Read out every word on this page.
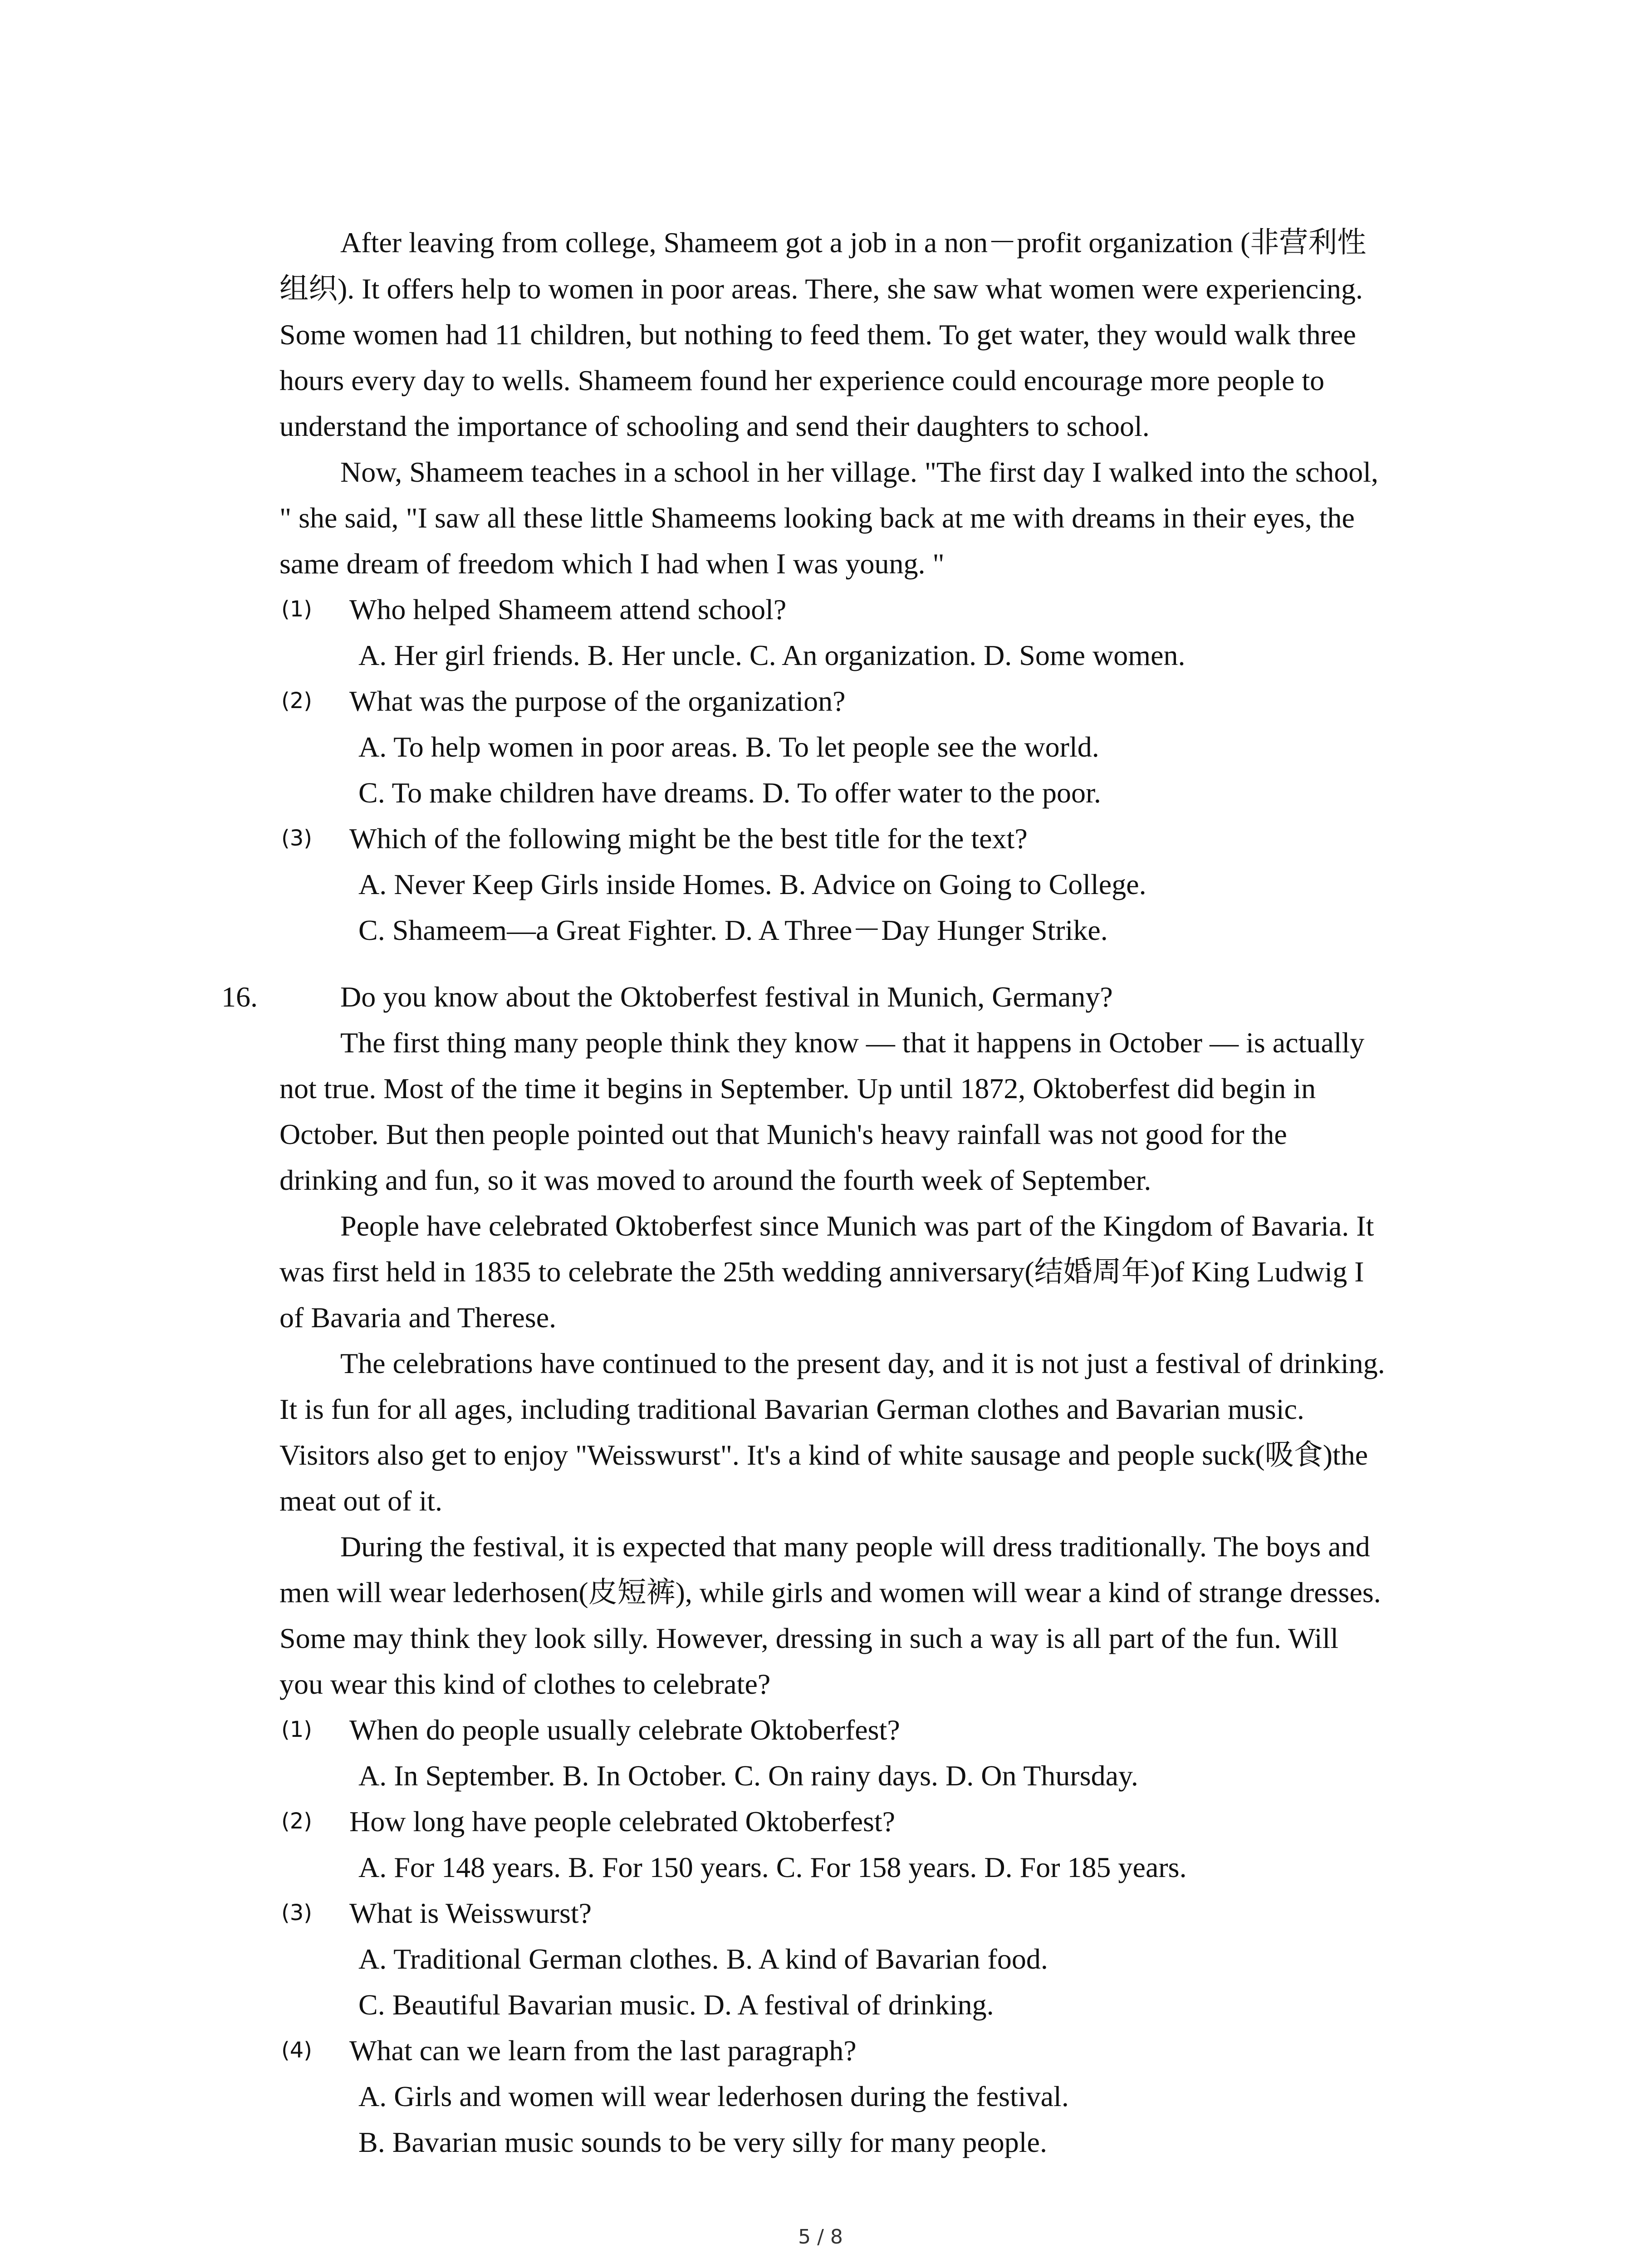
After leaving from college, Shameem got a job in a non－profit organization (非营利性
组织). It offers help to women in poor areas. There, she saw what women were experiencing.
Some women had 11 children, but nothing to feed them. To get water, they would walk three
hours every day to wells. Shameem found her experience could encourage more people to
understand the importance of schooling and send their daughters to school.
Now, Shameem teaches in a school in her village. "The first day I walked into the school,
" she said, "I saw all these little Shameems looking back at me with dreams in their eyes, the
same dream of freedom which I had when I was young. "
(1)	Who helped Shameem attend school?
A. Her girl friends. B. Her uncle. C. An organization. D. Some women.
(2)	What was the purpose of the organization?
A. To help women in poor areas. B. To let people see the world.
C. To make children have dreams. D. To offer water to the poor.
(3)	Which of the following might be the best title for the text?
A. Never Keep Girls inside Homes. B. Advice on Going to College.
C. Shameem—a Great Fighter. D. A Three－Day Hunger Strike.
16.	Do you know about the Oktoberfest festival in Munich, Germany?
The first thing many people think they know — that it happens in October — is actually
not true. Most of the time it begins in September. Up until 1872, Oktoberfest did begin in
October. But then people pointed out that Munich's heavy rainfall was not good for the
drinking and fun, so it was moved to around the fourth week of September.
People have celebrated Oktoberfest since Munich was part of the Kingdom of Bavaria. It
was first held in 1835 to celebrate the 25th wedding anniversary(结婚周年)of King Ludwig I
of Bavaria and Therese.
The celebrations have continued to the present day, and it is not just a festival of drinking.
It is fun for all ages, including traditional Bavarian German clothes and Bavarian music.
Visitors also get to enjoy "Weisswurst". It's a kind of white sausage and people suck(吸食)the
meat out of it.
During the festival, it is expected that many people will dress traditionally. The boys and
men will wear lederhosen(皮短裤), while girls and women will wear a kind of strange dresses.
Some may think they look silly. However, dressing in such a way is all part of the fun. Will
you wear this kind of clothes to celebrate?
(1)	When do people usually celebrate Oktoberfest?
A. In September. B. In October. C. On rainy days. D. On Thursday.
(2)	How long have people celebrated Oktoberfest?
A. For 148 years. B. For 150 years. C. For 158 years. D. For 185 years.
(3)	What is Weisswurst?
A. Traditional German clothes. B. A kind of Bavarian food.
C. Beautiful Bavarian music. D. A festival of drinking.
(4)	What can we learn from the last paragraph?
A. Girls and women will wear lederhosen during the festival.
B. Bavarian music sounds to be very silly for many people.
5 / 8
